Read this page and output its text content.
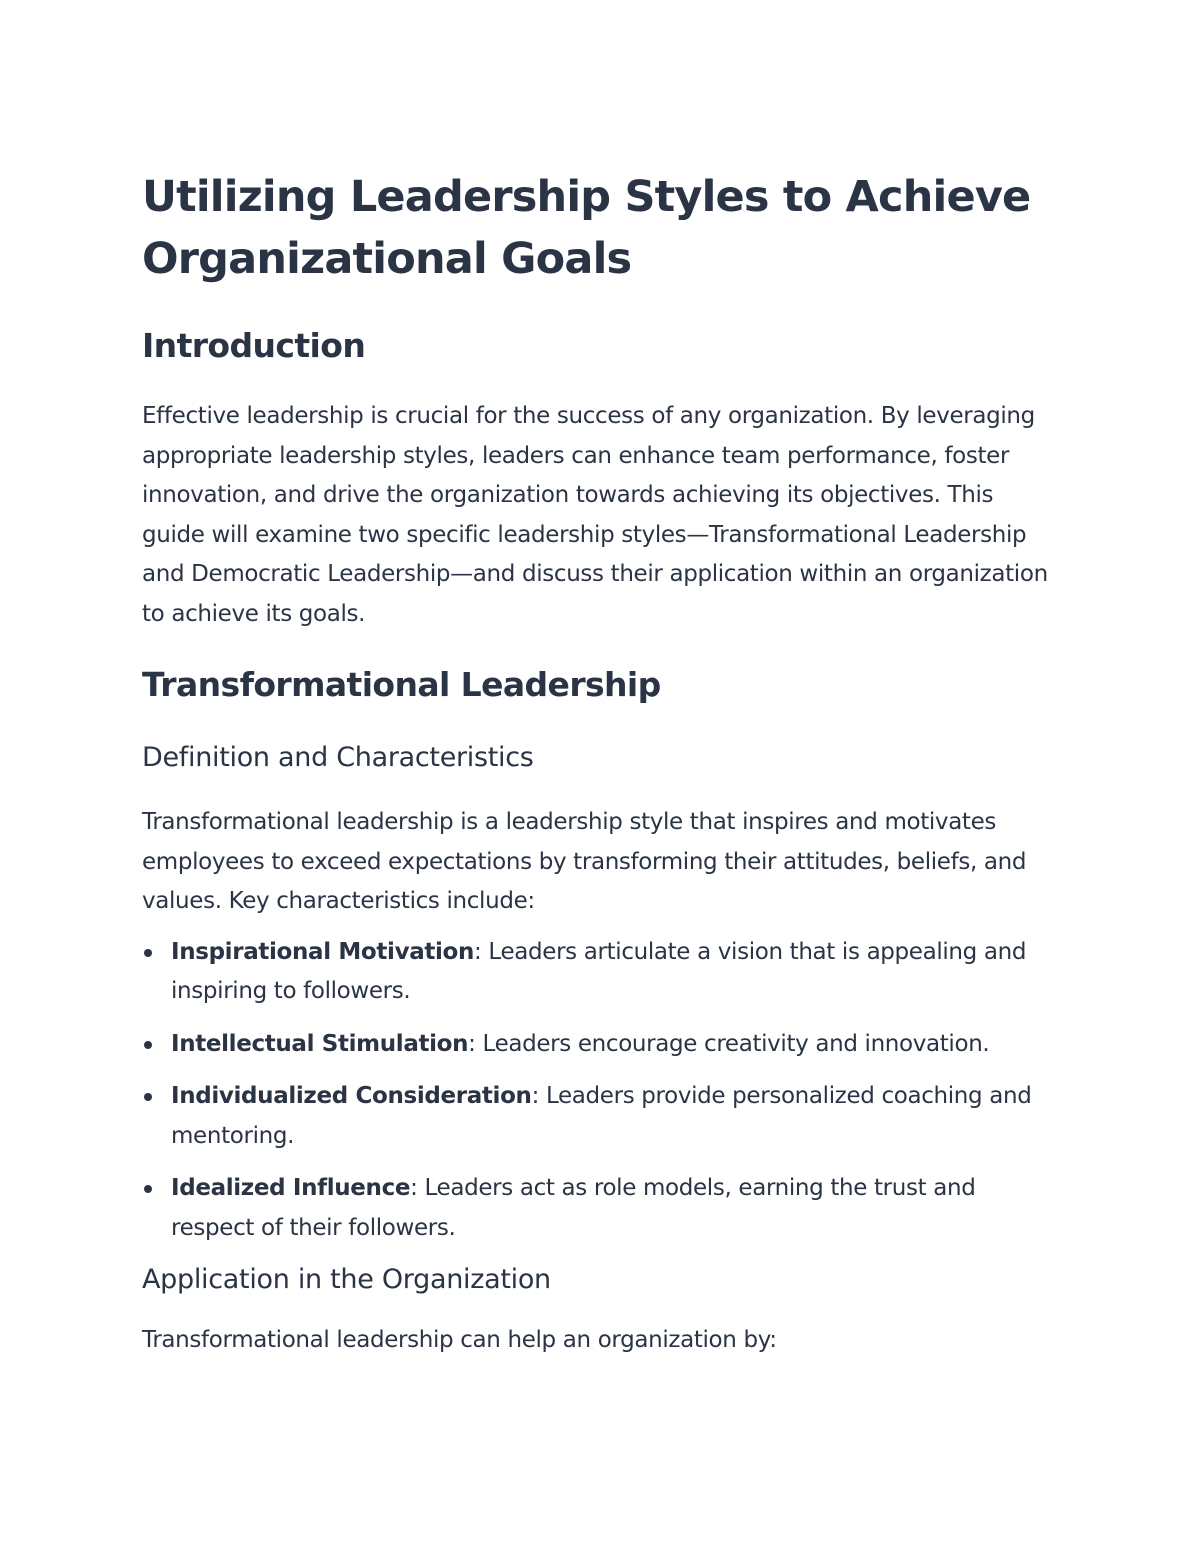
Utilizing Leadership Styles to Achieve Organizational Goals
Introduction

Effective leadership is crucial for the success of any organization. By leveraging appropriate leadership styles, leaders can enhance team performance, foster innovation, and drive the organization towards achieving its objectives. This guide will examine two specific leadership styles—Transformational Leadership and Democratic Leadership—and discuss their application within an organization to achieve its goals.

Transformational Leadership
Definition and Characteristics

Transformational leadership is a leadership style that inspires and motivates employees to exceed expectations by transforming their attitudes, beliefs, and values. Key characteristics include:

Inspirational Motivation: Leaders articulate a vision that is appealing and inspiring to followers.
Intellectual Stimulation: Leaders encourage creativity and innovation.
Individualized Consideration: Leaders provide personalized coaching and mentoring.
Idealized Influence: Leaders act as role models, earning the trust and respect of their followers.
Application in the Organization

Transformational leadership can help an organization by:
